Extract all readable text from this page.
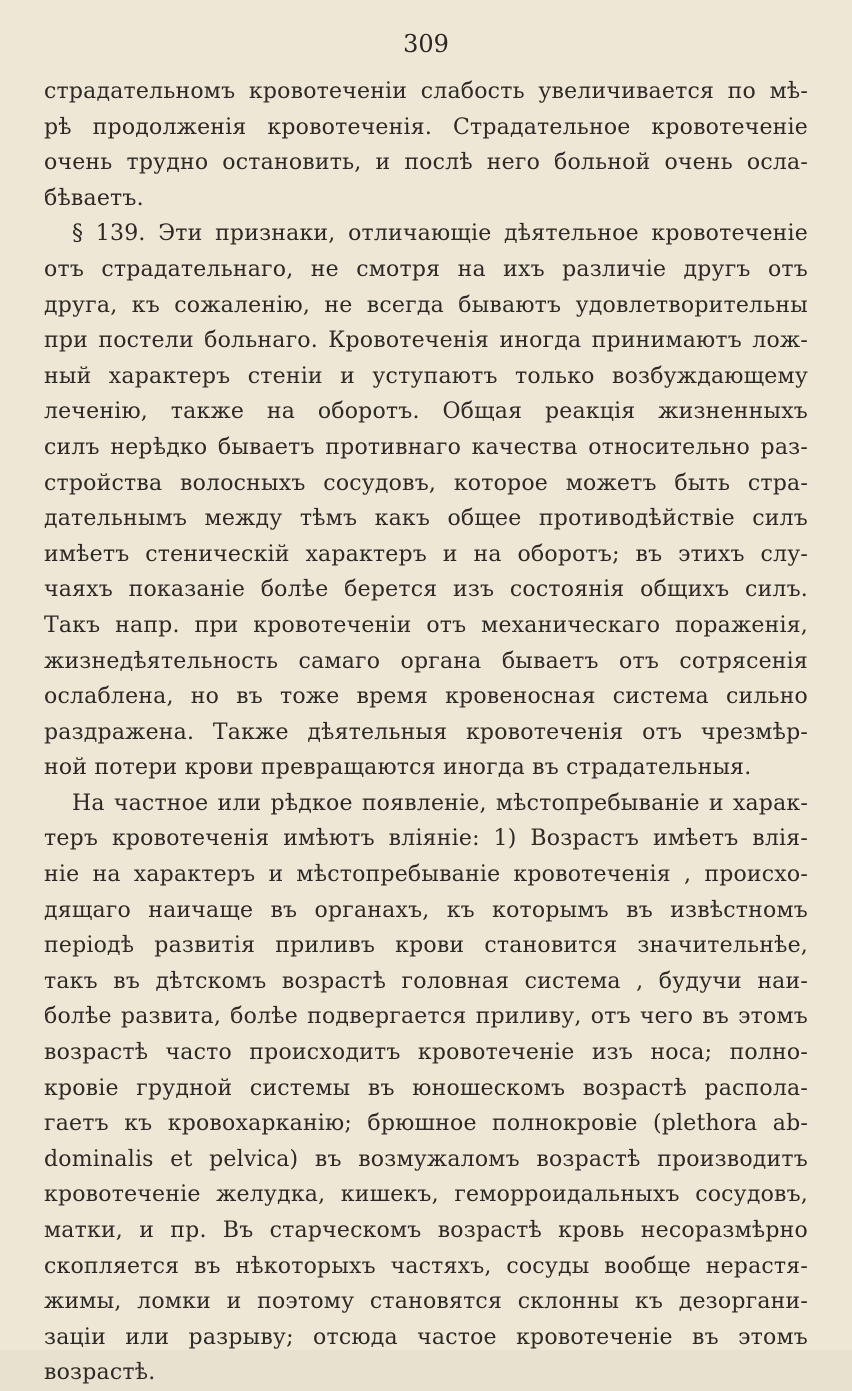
309
страдательномъ кровотеченіи слабость увеличивается по мѣ-
рѣ продолженія кровотеченія. Страдательное кровотеченіе
очень трудно остановить, и послѣ него больной очень осла-
бѣваетъ.
§ 139. Эти признаки, отличающіе дѣятельное кровотеченіе
отъ страдательнаго, не смотря на ихъ различіе другъ отъ
друга, къ сожаленію, не всегда бываютъ удовлетворительны
при постели больнаго. Кровотеченія иногда принимаютъ лож-
ный характеръ стеніи и уступаютъ только возбуждающему
леченію, также на оборотъ. Общая реакція жизненныхъ
силъ нерѣдко бываетъ противнаго качества относительно раз-
стройства волосныхъ сосудовъ, которое можетъ быть стра-
дательнымъ между тѣмъ какъ общее противодѣйствіе силъ
имѣетъ стеническій характеръ и на оборотъ; въ этихъ слу-
чаяхъ показаніе болѣе берется изъ состоянія общихъ силъ.
Такъ напр. при кровотеченіи отъ механическаго пораженія,
жизнедѣятельность самаго органа бываетъ отъ сотрясенія
ослаблена, но въ тоже время кровеносная система сильно
раздражена. Также дѣятельныя кровотеченія отъ чрезмѣр-
ной потери крови превращаются иногда въ страдательныя.
На частное или рѣдкое появленіе, мѣстопребываніе и харак-
теръ кровотеченія имѣютъ вліяніе: 1) Возрастъ имѣетъ влія-
ніе на характеръ и мѣстопребываніе кровотеченія , происхо-
дящаго наичаще въ органахъ, къ которымъ въ извѣстномъ
періодѣ развитія приливъ крови становится значительнѣе,
такъ въ дѣтскомъ возрастѣ головная система , будучи наи-
болѣе развита, болѣе подвергается приливу, отъ чего въ этомъ
возрастѣ часто происходитъ кровотеченіе изъ носа; полно-
кровіе грудной системы въ юношескомъ возрастѣ распола-
гаетъ къ кровохарканію; брюшное полнокровіе (plethora ab-
dominalis et pelvica) въ возмужаломъ возрастѣ производитъ
кровотеченіе желудка, кишекъ, геморроидальныхъ сосудовъ,
матки, и пр. Въ старческомъ возрастѣ кровь несоразмѣрно
скопляется въ нѣкоторыхъ частяхъ, сосуды вообще нерастя-
жимы, ломки и поэтому становятся склонны къ дезоргани-
заціи или разрыву; отсюда частое кровотеченіе въ этомъ
возрастѣ.
